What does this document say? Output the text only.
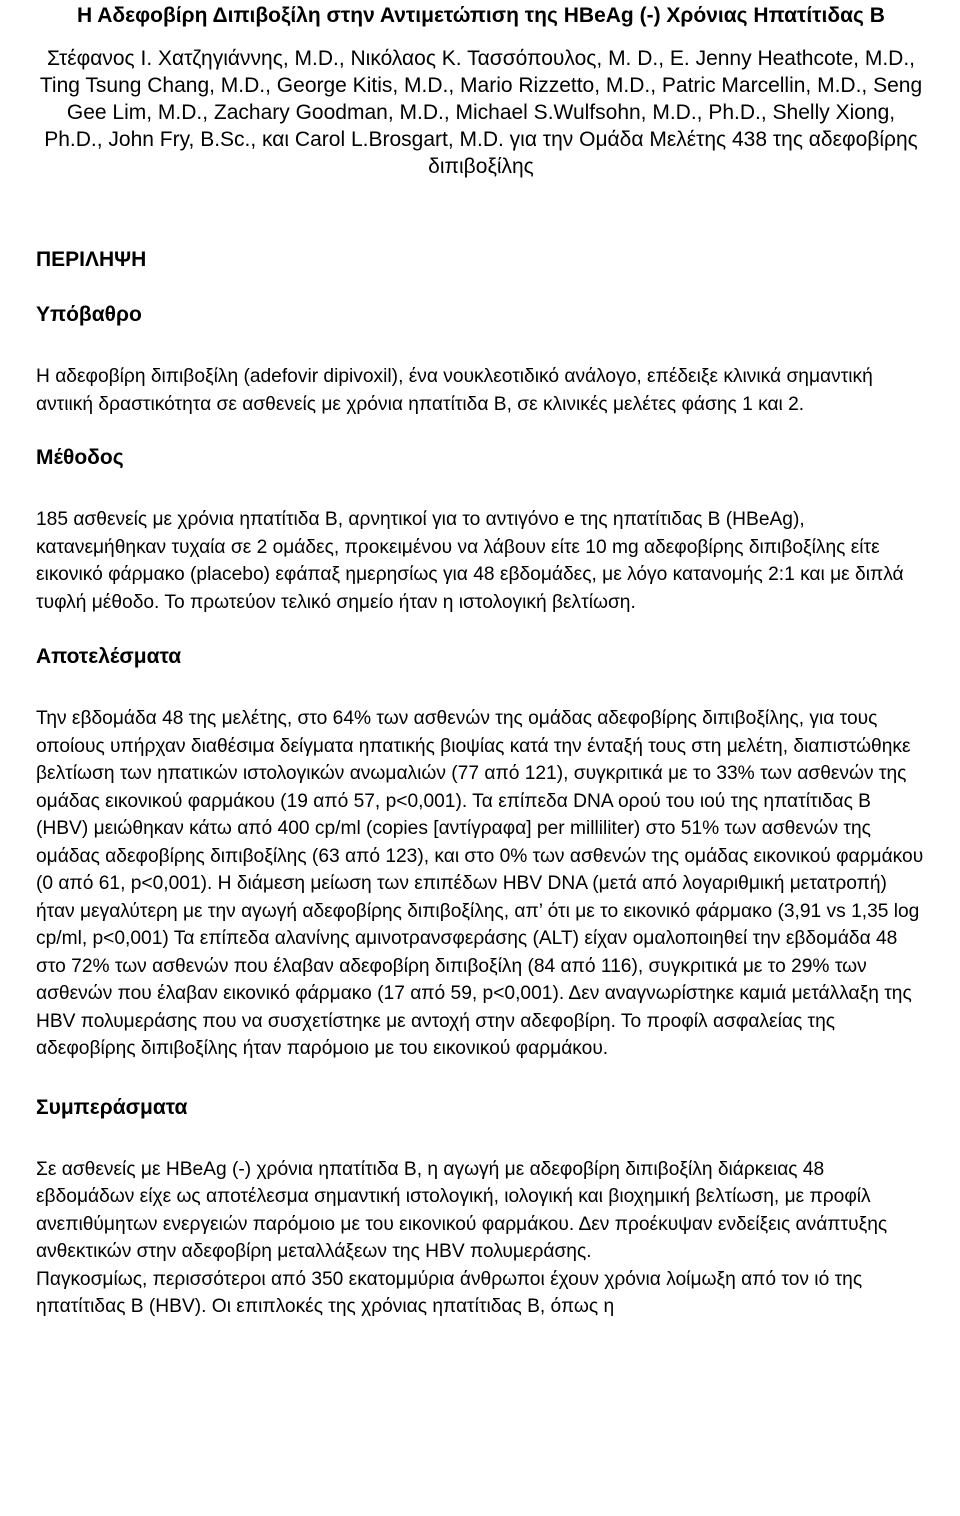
Η Αδεφοβίρη Διπιβοξίλη στην Αντιμετώπιση της HBeAg (-) Χρόνιας Ηπατίτιδας Β

Στέφανος Ι. Χατζηγιάννης, M.D., Νικόλαος Κ. Τασσόπουλος, M. D., E. Jenny Heathcote, M.D., Ting Tsung Chang, M.D., George Kitis, M.D., Mario Rizzetto, M.D., Patric Marcellin, M.D., Seng Gee Lim, M.D., Zachary Goodman, M.D., Michael S.Wulfsohn, M.D., Ph.D., Shelly Xiong, Ph.D., John Fry, B.Sc., και Carol L.Brosgart, M.D. για την Ομάδα Μελέτης 438 της αδεφοβίρης διπιβοξίλης

ΠΕΡΙΛΗΨΗ
Υπόβαθρο

Η αδεφοβίρη διπιβοξίλη (adefovir dipivoxil), ένα νουκλεοτιδικό ανάλογο, επέδειξε κλινικά σημαντική αντιική δραστικότητα σε ασθενείς με χρόνια ηπατίτιδα Β, σε κλινικές μελέτες φάσης 1 και 2.

Μέθοδος

185 ασθενείς με χρόνια ηπατίτιδα Β, αρνητικοί για το αντιγόνο e της ηπατίτιδας Β (HBeAg), κατανεμήθηκαν τυχαία σε 2 ομάδες, προκειμένου να λάβουν είτε 10 mg αδεφοβίρης διπιβοξίλης είτε εικονικό φάρμακο (placebo) εφάπαξ ημερησίως για 48 εβδομάδες, με λόγο κατανομής 2:1 και με διπλά τυφλή μέθοδο. Το πρωτεύον τελικό σημείο ήταν η ιστολογική βελτίωση.

Αποτελέσματα

Την εβδομάδα 48 της μελέτης, στο 64% των ασθενών της ομάδας αδεφοβίρης διπιβοξίλης, για τους οποίους υπήρχαν διαθέσιμα δείγματα ηπατικής βιοψίας κατά την ένταξή τους στη μελέτη, διαπιστώθηκε βελτίωση των ηπατικών ιστολογικών ανωμαλιών (77 από 121), συγκριτικά με το 33% των ασθενών της ομάδας εικονικού φαρμάκου (19 από 57, p<0,001). Τα επίπεδα DNA ορού του ιού της ηπατίτιδας Β (HBV) μειώθηκαν κάτω από 400 cp/ml (copies [αντίγραφα] per milliliter) στο 51% των ασθενών της ομάδας αδεφοβίρης διπιβοξίλης (63 από 123), και στο 0% των ασθενών της ομάδας εικονικού φαρμάκου (0 από 61, p<0,001). Η διάμεση μείωση των επιπέδων HBV DNA (μετά από λογαριθμική μετατροπή) ήταν μεγαλύτερη με την αγωγή αδεφοβίρης διπιβοξίλης, απ’ ότι με το εικονικό φάρμακο (3,91 vs 1,35 log cp/ml, p<0,001) Τα επίπεδα αλανίνης αμινοτρανσφεράσης (ALT) είχαν ομαλοποιηθεί την εβδομάδα 48 στο 72% των ασθενών που έλαβαν αδεφοβίρη διπιβοξίλη (84 από 116), συγκριτικά με το 29% των ασθενών που έλαβαν εικονικό φάρμακο (17 από 59, p<0,001). Δεν αναγνωρίστηκε καμιά μετάλλαξη της HBV πολυμεράσης που να συσχετίστηκε με αντοχή στην αδεφοβίρη. Το προφίλ ασφαλείας της αδεφοβίρης διπιβοξίλης ήταν παρόμοιο με του εικονικού φαρμάκου.

Συμπεράσματα

Σε ασθενείς με HBeAg (-) χρόνια ηπατίτιδα Β, η αγωγή με αδεφοβίρη διπιβοξίλη διάρκειας 48 εβδομάδων είχε ως αποτέλεσμα σημαντική ιστολογική, ιολογική και βιοχημική βελτίωση, με προφίλ ανεπιθύμητων ενεργειών παρόμοιο με του εικονικού φαρμάκου. Δεν προέκυψαν ενδείξεις ανάπτυξης ανθεκτικών στην αδεφοβίρη μεταλλάξεων της HBV πολυμεράσης.

Παγκοσμίως, περισσότεροι από 350 εκατομμύρια άνθρωποι έχουν χρόνια λοίμωξη από τον ιό της ηπατίτιδας Β (HBV). Οι επιπλοκές της χρόνιας ηπατίτιδας Β, όπως η
